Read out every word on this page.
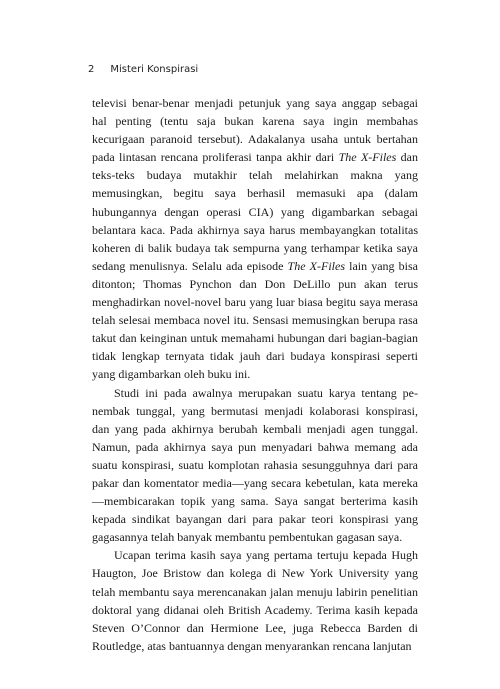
2 Misteri Konspirasi

televisi benar-benar menjadi petunjuk yang saya anggap sebagai hal penting (tentu saja bukan karena saya ingin membahas kecurigaan paranoid tersebut). Adakalanya usaha untuk bertahan pada lintasan rencana proliferasi tanpa akhir dari The X-Files dan teks-teks budaya mutakhir telah melahirkan makna yang memusingkan, begitu saya berhasil memasuki apa (dalam hubungannya dengan operasi CIA) yang digambarkan sebagai belantara kaca. Pada akhirnya saya harus membayangkan totalitas koheren di balik budaya tak sempurna yang terhampar ketika saya sedang menulisnya. Selalu ada episode The X-Files lain yang bisa ditonton; Thomas Pynchon dan Don DeLillo pun akan terus menghadirkan novel-novel baru yang luar biasa begitu saya merasa telah selesai membaca novel itu. Sensasi memusingkan berupa rasa takut dan keinginan untuk memahami hubungan dari bagian-bagian tidak lengkap ternyata tidak jauh dari budaya konspirasi seperti yang digambarkan oleh buku ini.

Studi ini pada awalnya merupakan suatu karya tentang penembak tunggal, yang bermutasi menjadi kolaborasi konspirasi, dan yang pada akhirnya berubah kembali menjadi agen tunggal. Namun, pada akhirnya saya pun menyadari bahwa memang ada suatu konspirasi, suatu komplotan rahasia sesungguhnya dari para pakar dan komentator media—yang secara kebetulan, kata mereka—membicarakan topik yang sama. Saya sangat berterima kasih kepada sindikat bayangan dari para pakar teori konspirasi yang gagasannya telah banyak membantu pembentukan gagasan saya.

Ucapan terima kasih saya yang pertama tertuju kepada Hugh Haugton, Joe Bristow dan kolega di New York University yang telah membantu saya merencanakan jalan menuju labirin penelitian doktoral yang didanai oleh British Academy. Terima kasih kepada Steven O’Connor dan Hermione Lee, juga Rebecca Barden di Routledge, atas bantuannya dengan menyarankan rencana lanjutan
